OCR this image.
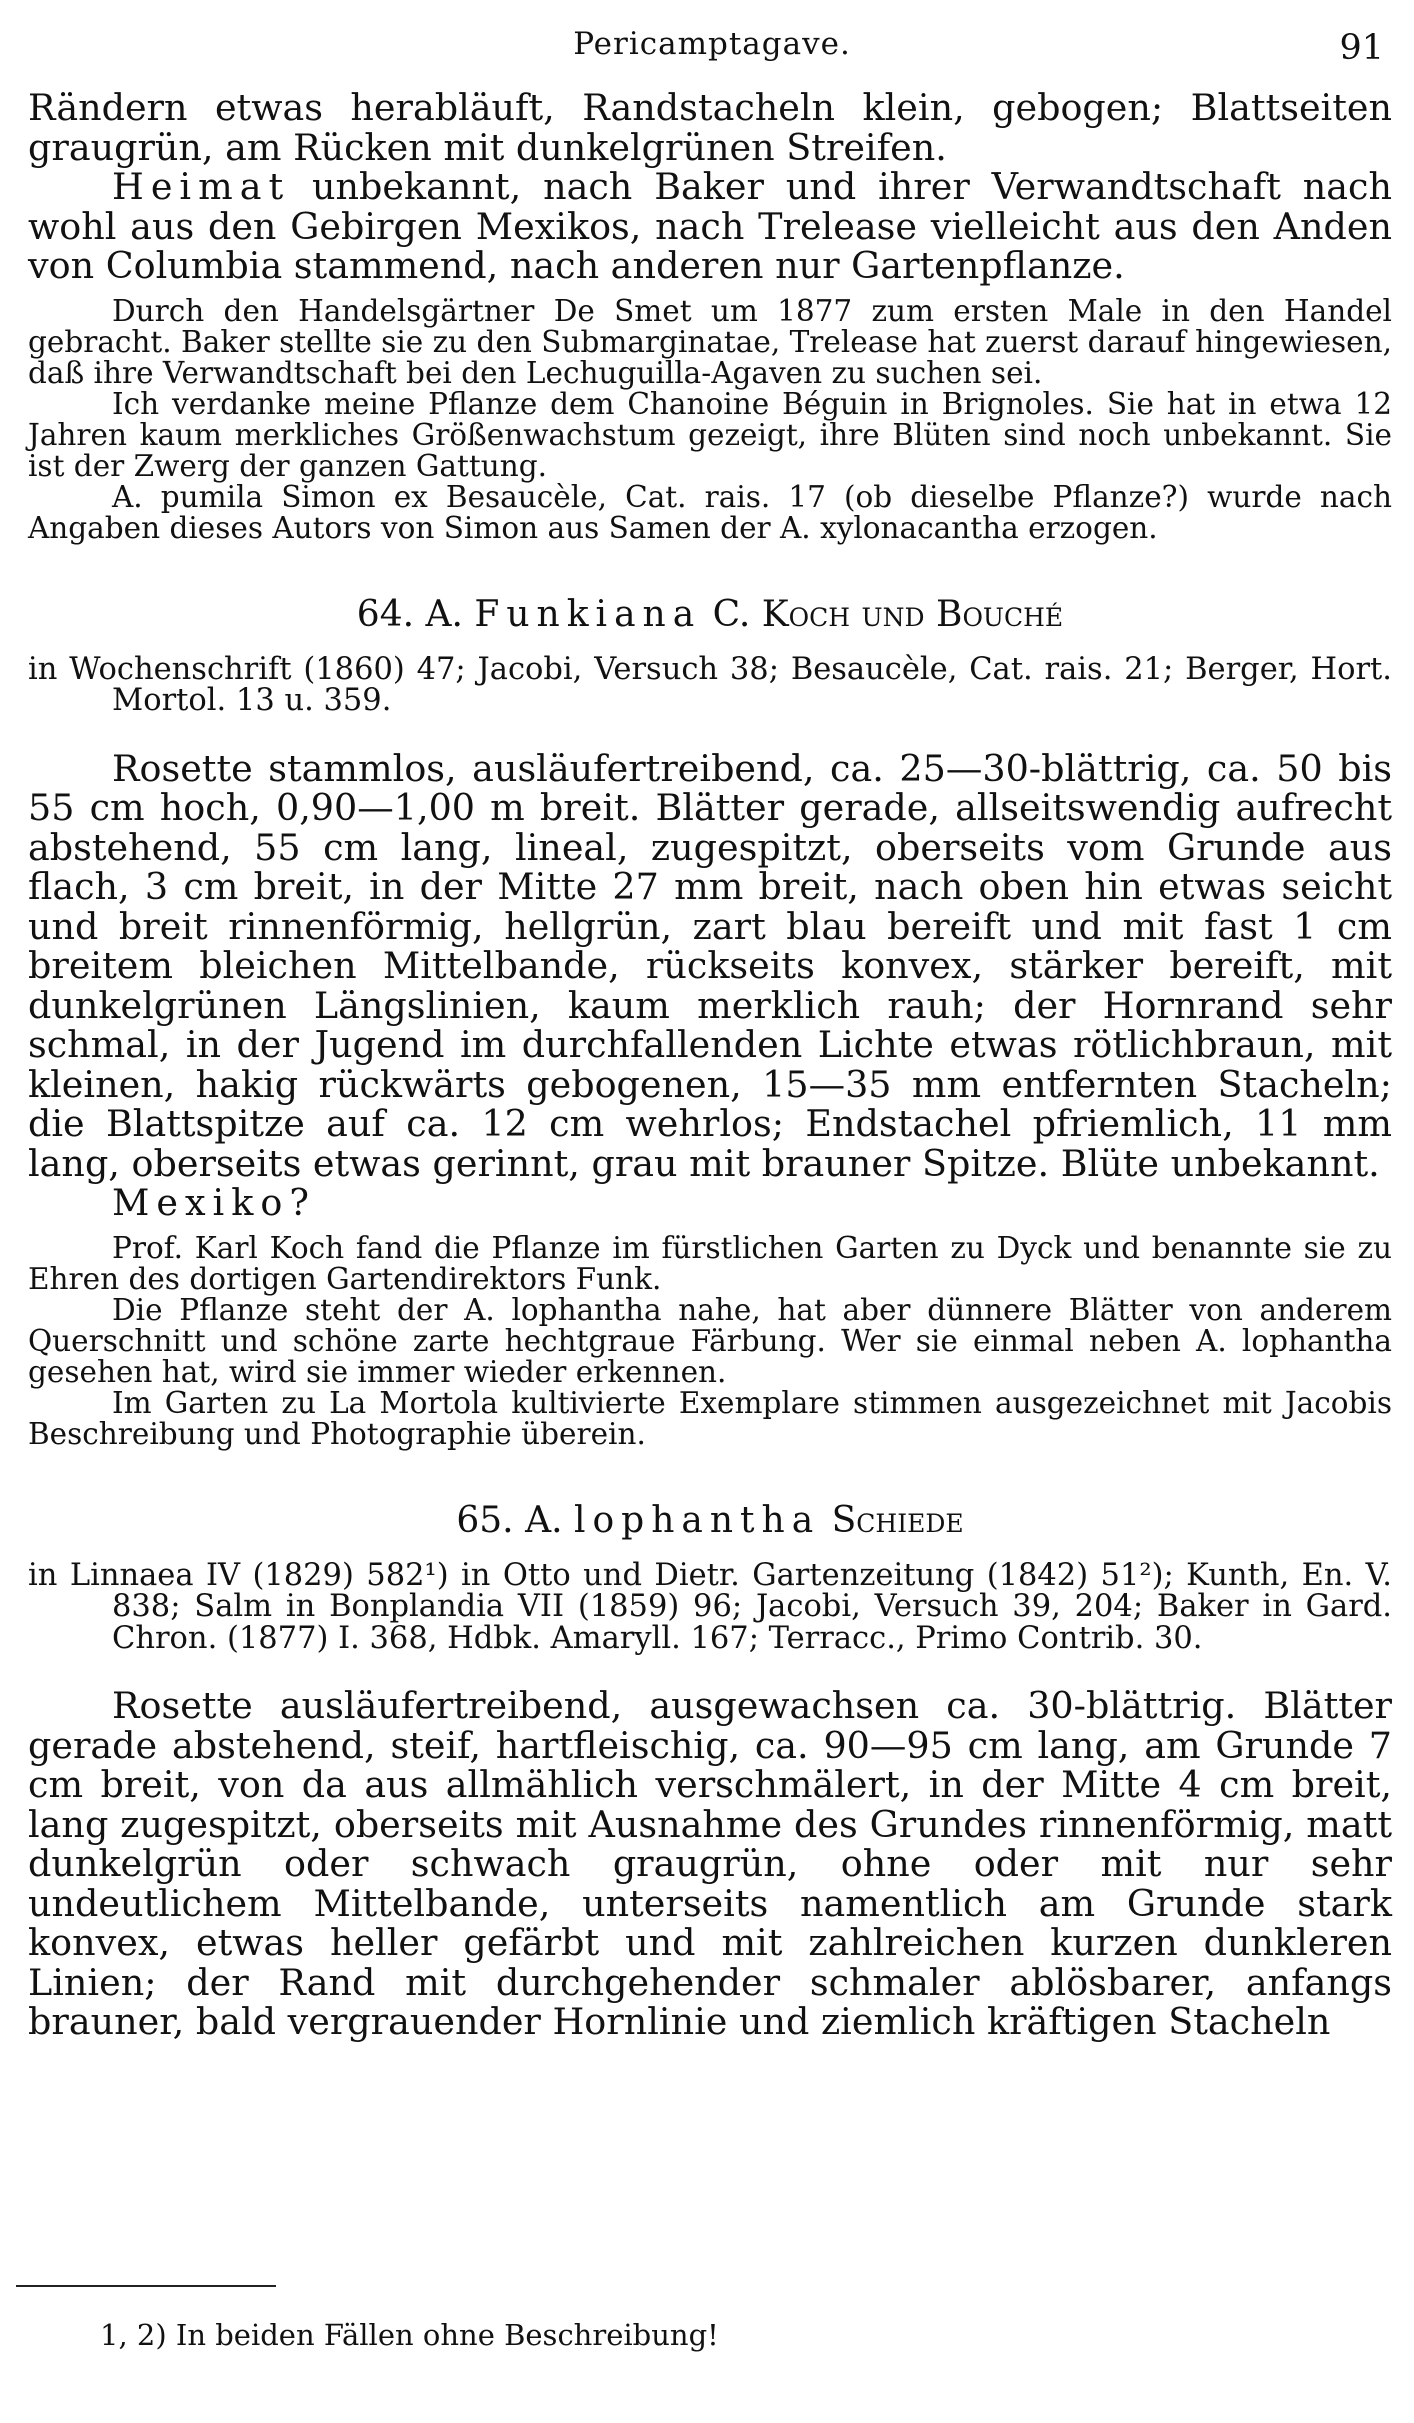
Pericamptagave.	91

Rändern etwas herabläuft, Randstacheln klein, gebogen; Blattseiten graugrün, am Rücken mit dunkelgrünen Streifen.

Heimat unbekannt, nach Baker und ihrer Verwandtschaft nach wohl aus den Gebirgen Mexikos, nach Trelease vielleicht aus den Anden von Columbia stammend, nach anderen nur Gartenpflanze.

Durch den Handelsgärtner De Smet um 1877 zum ersten Male in den Handel gebracht. Baker stellte sie zu den Submarginatae, Trelease hat zuerst darauf hingewiesen, daß ihre Verwandtschaft bei den Lechuguilla-Agaven zu suchen sei.

Ich verdanke meine Pflanze dem Chanoine Béguin in Brignoles. Sie hat in etwa 12 Jahren kaum merkliches Größenwachstum gezeigt, ihre Blüten sind noch unbekannt. Sie ist der Zwerg der ganzen Gattung.

A. pumila Simon ex Besaucèle, Cat. rais. 17 (ob dieselbe Pflanze?) wurde nach Angaben dieses Autors von Simon aus Samen der A. xylonacantha erzogen.

64. A. Funkiana C. Koch und Bouché

in Wochenschrift (1860) 47; Jacobi, Versuch 38; Besaucèle, Cat. rais. 21; Berger, Hort. Mortol. 13 u. 359.

Rosette stammlos, ausläufertreibend, ca. 25—30-blättrig, ca. 50 bis 55 cm hoch, 0,90—1,00 m breit. Blätter gerade, allseitswendig aufrecht abstehend, 55 cm lang, lineal, zugespitzt, oberseits vom Grunde aus flach, 3 cm breit, in der Mitte 27 mm breit, nach oben hin etwas seicht und breit rinnenförmig, hellgrün, zart blau bereift und mit fast 1 cm breitem bleichen Mittelbande, rückseits konvex, stärker bereift, mit dunkelgrünen Längslinien, kaum merklich rauh; der Hornrand sehr schmal, in der Jugend im durchfallenden Lichte etwas rötlichbraun, mit kleinen, hakig rückwärts gebogenen, 15—35 mm entfernten Stacheln; die Blattspitze auf ca. 12 cm wehrlos; Endstachel pfriemlich, 11 mm lang, oberseits etwas gerinnt, grau mit brauner Spitze. Blüte unbekannt.

Mexiko?

Prof. Karl Koch fand die Pflanze im fürstlichen Garten zu Dyck und benannte sie zu Ehren des dortigen Gartendirektors Funk.

Die Pflanze steht der A. lophantha nahe, hat aber dünnere Blätter von anderem Querschnitt und schöne zarte hechtgraue Färbung. Wer sie einmal neben A. lophantha gesehen hat, wird sie immer wieder erkennen.

Im Garten zu La Mortola kultivierte Exemplare stimmen ausgezeichnet mit Jacobis Beschreibung und Photographie überein.

65. A. lophantha Schiede

in Linnaea IV (1829) 582¹) in Otto und Dietr. Gartenzeitung (1842) 51²); Kunth, En. V. 838; Salm in Bonplandia VII (1859) 96; Jacobi, Versuch 39, 204; Baker in Gard. Chron. (1877) I. 368, Hdbk. Amaryll. 167; Terracc., Primo Contrib. 30.

Rosette ausläufertreibend, ausgewachsen ca. 30-blättrig. Blätter gerade abstehend, steif, hartfleischig, ca. 90—95 cm lang, am Grunde 7 cm breit, von da aus allmählich verschmälert, in der Mitte 4 cm breit, lang zugespitzt, oberseits mit Ausnahme des Grundes rinnenförmig, matt dunkelgrün oder schwach graugrün, ohne oder mit nur sehr undeutlichem Mittelbande, unterseits namentlich am Grunde stark konvex, etwas heller gefärbt und mit zahlreichen kurzen dunkleren Linien; der Rand mit durchgehender schmaler ablösbarer, anfangs brauner, bald vergrauender Hornlinie und ziemlich kräftigen Stacheln

1, 2) In beiden Fällen ohne Beschreibung!
